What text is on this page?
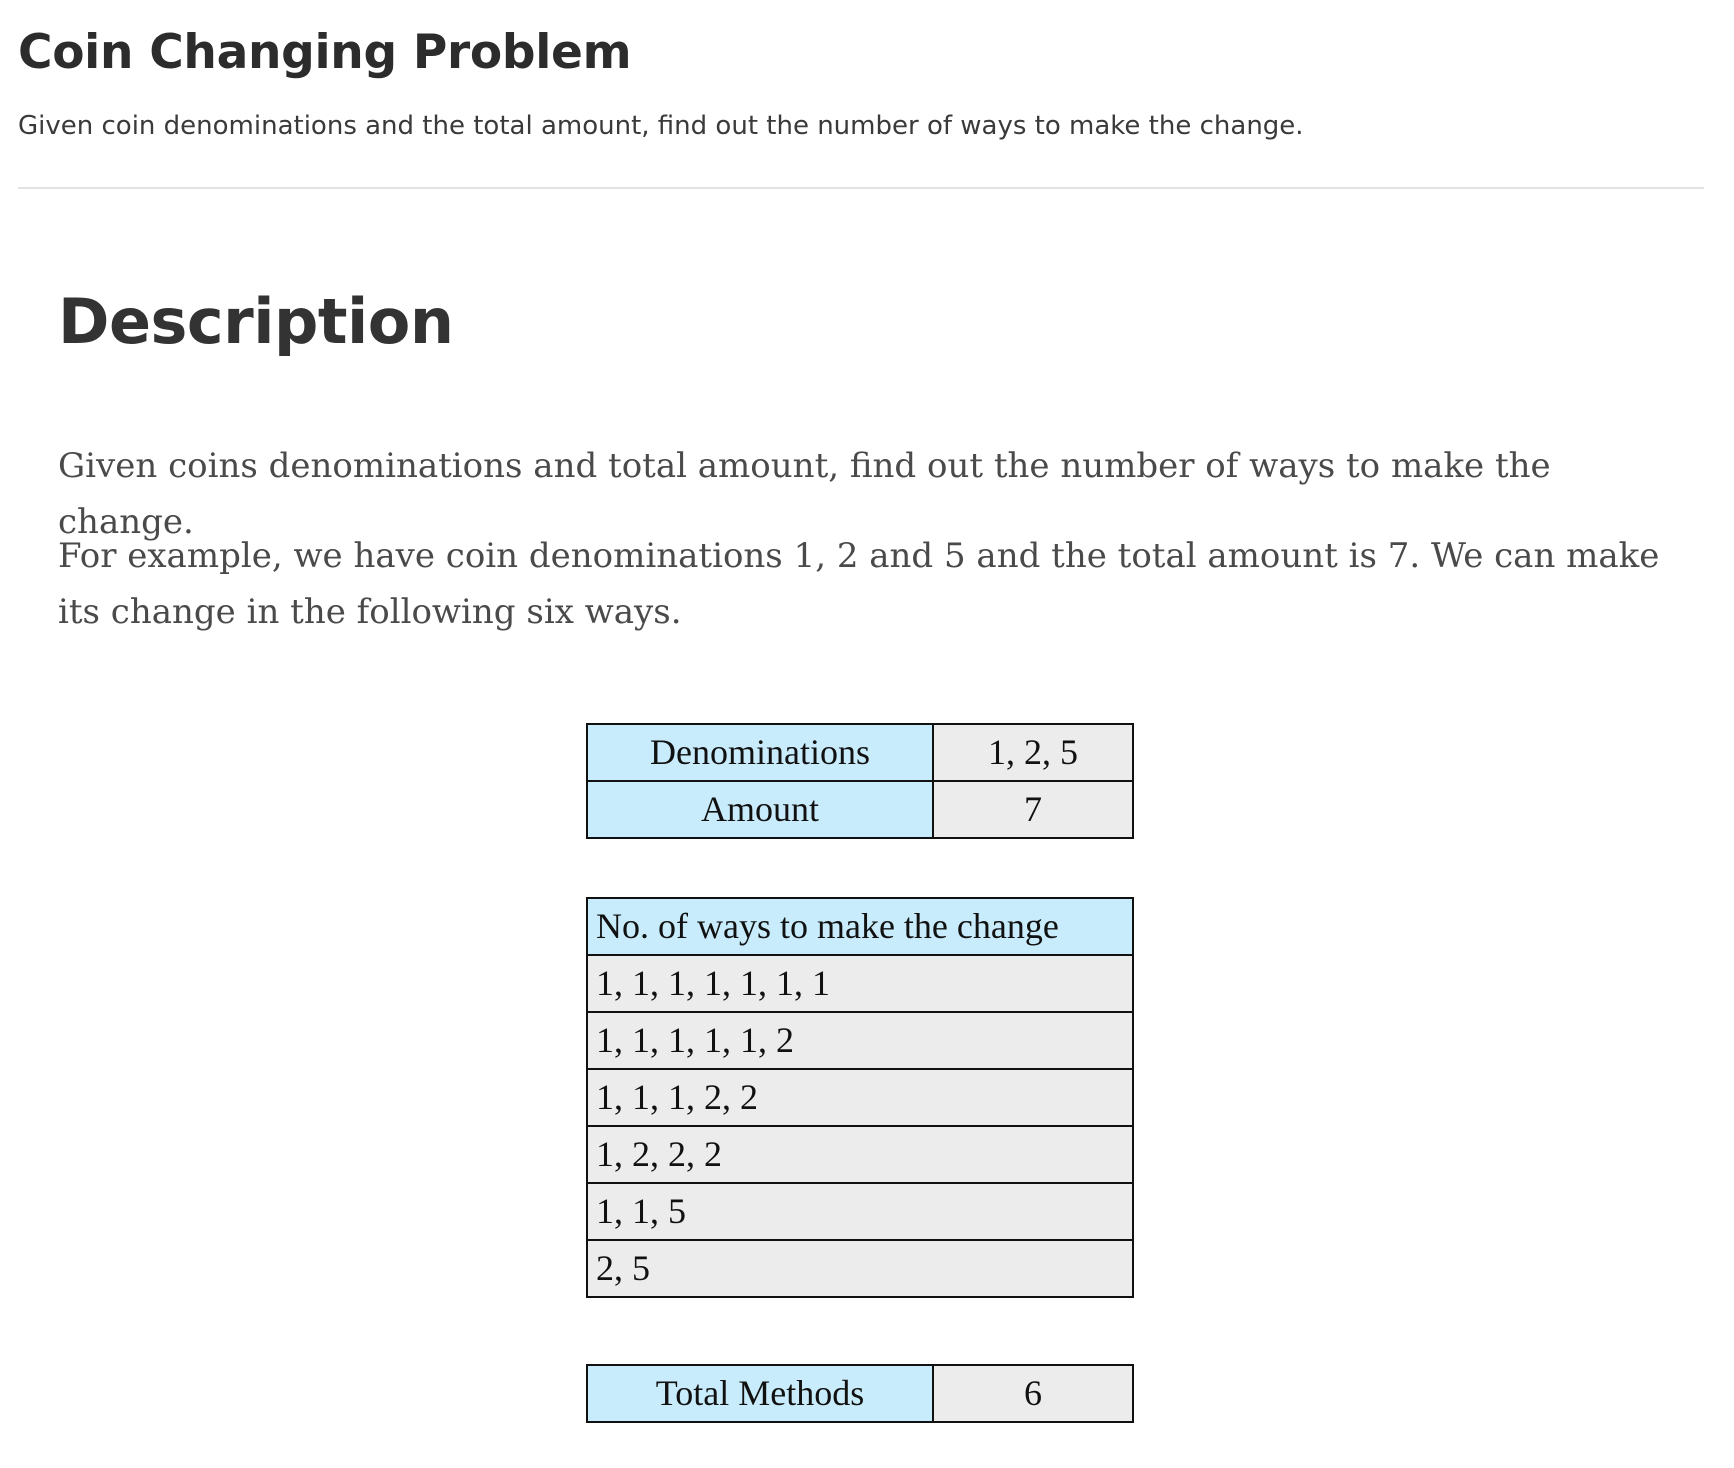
Coin Changing Problem

Given coin denominations and the total amount, find out the number of ways to make the change.

Description

Given coins denominations and total amount, find out the number of ways to make the change.

For example, we have coin denominations 1, 2 and 5 and the total amount is 7. We can make its change in the following six ways.

Denominations	1, 2, 5
Amount	7
No. of ways to make the change
1, 1, 1, 1, 1, 1, 1
1, 1, 1, 1, 1, 2
1, 1, 1, 2, 2
1, 2, 2, 2
1, 1, 5
2, 5
Total Methods	6
